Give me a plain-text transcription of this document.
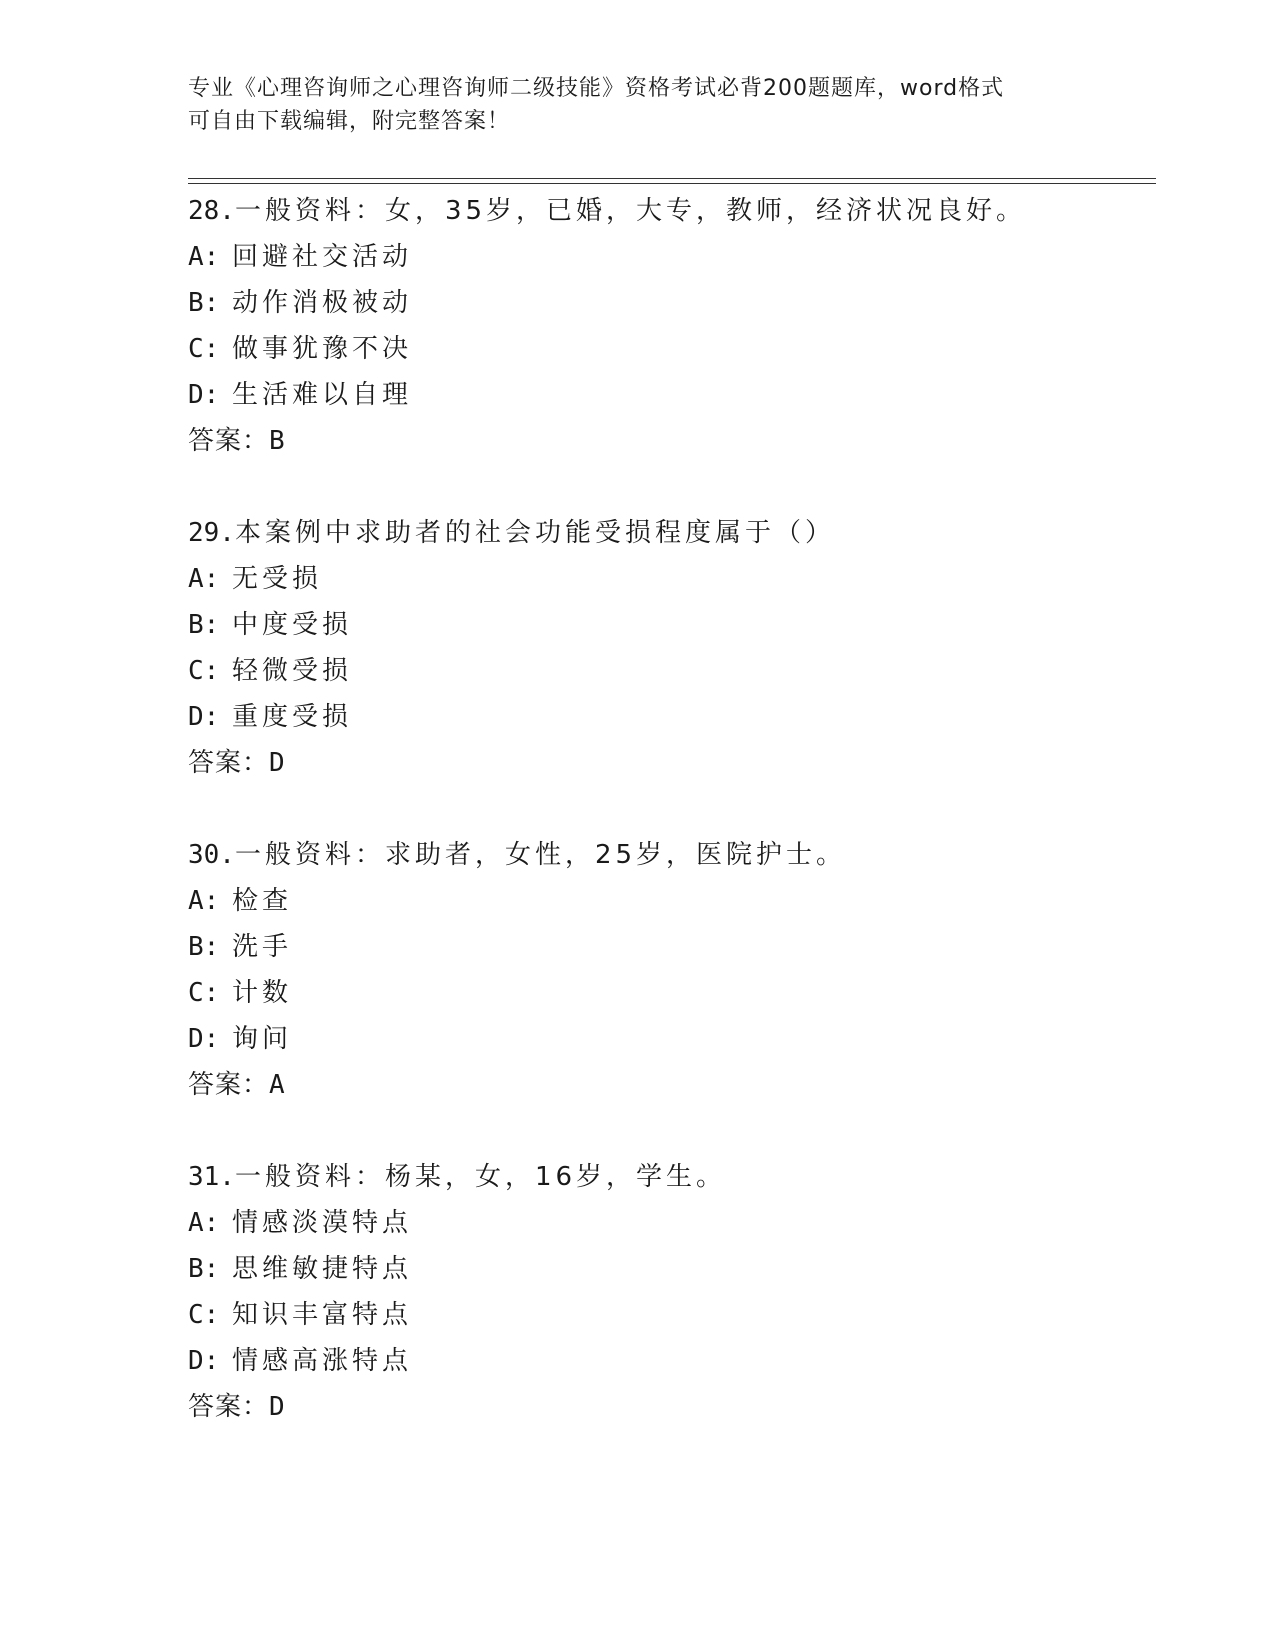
专业《心理咨询师之心理咨询师二级技能》资格考试必背200题题库，word格式
可自由下载编辑，附完整答案！
28.一般资料：女，35岁，已婚，大专，教师，经济状况良好。
A: 回避社交活动
B: 动作消极被动
C: 做事犹豫不决
D: 生活难以自理
答案：B
29.本案例中求助者的社会功能受损程度属于（）
A: 无受损
B: 中度受损
C: 轻微受损
D: 重度受损
答案：D
30.一般资料：求助者，女性，25岁，医院护士。
A: 检查
B: 洗手
C: 计数
D: 询问
答案：A
31.一般资料：杨某，女，16岁，学生。
A: 情感淡漠特点
B: 思维敏捷特点
C: 知识丰富特点
D: 情感高涨特点
答案：D
